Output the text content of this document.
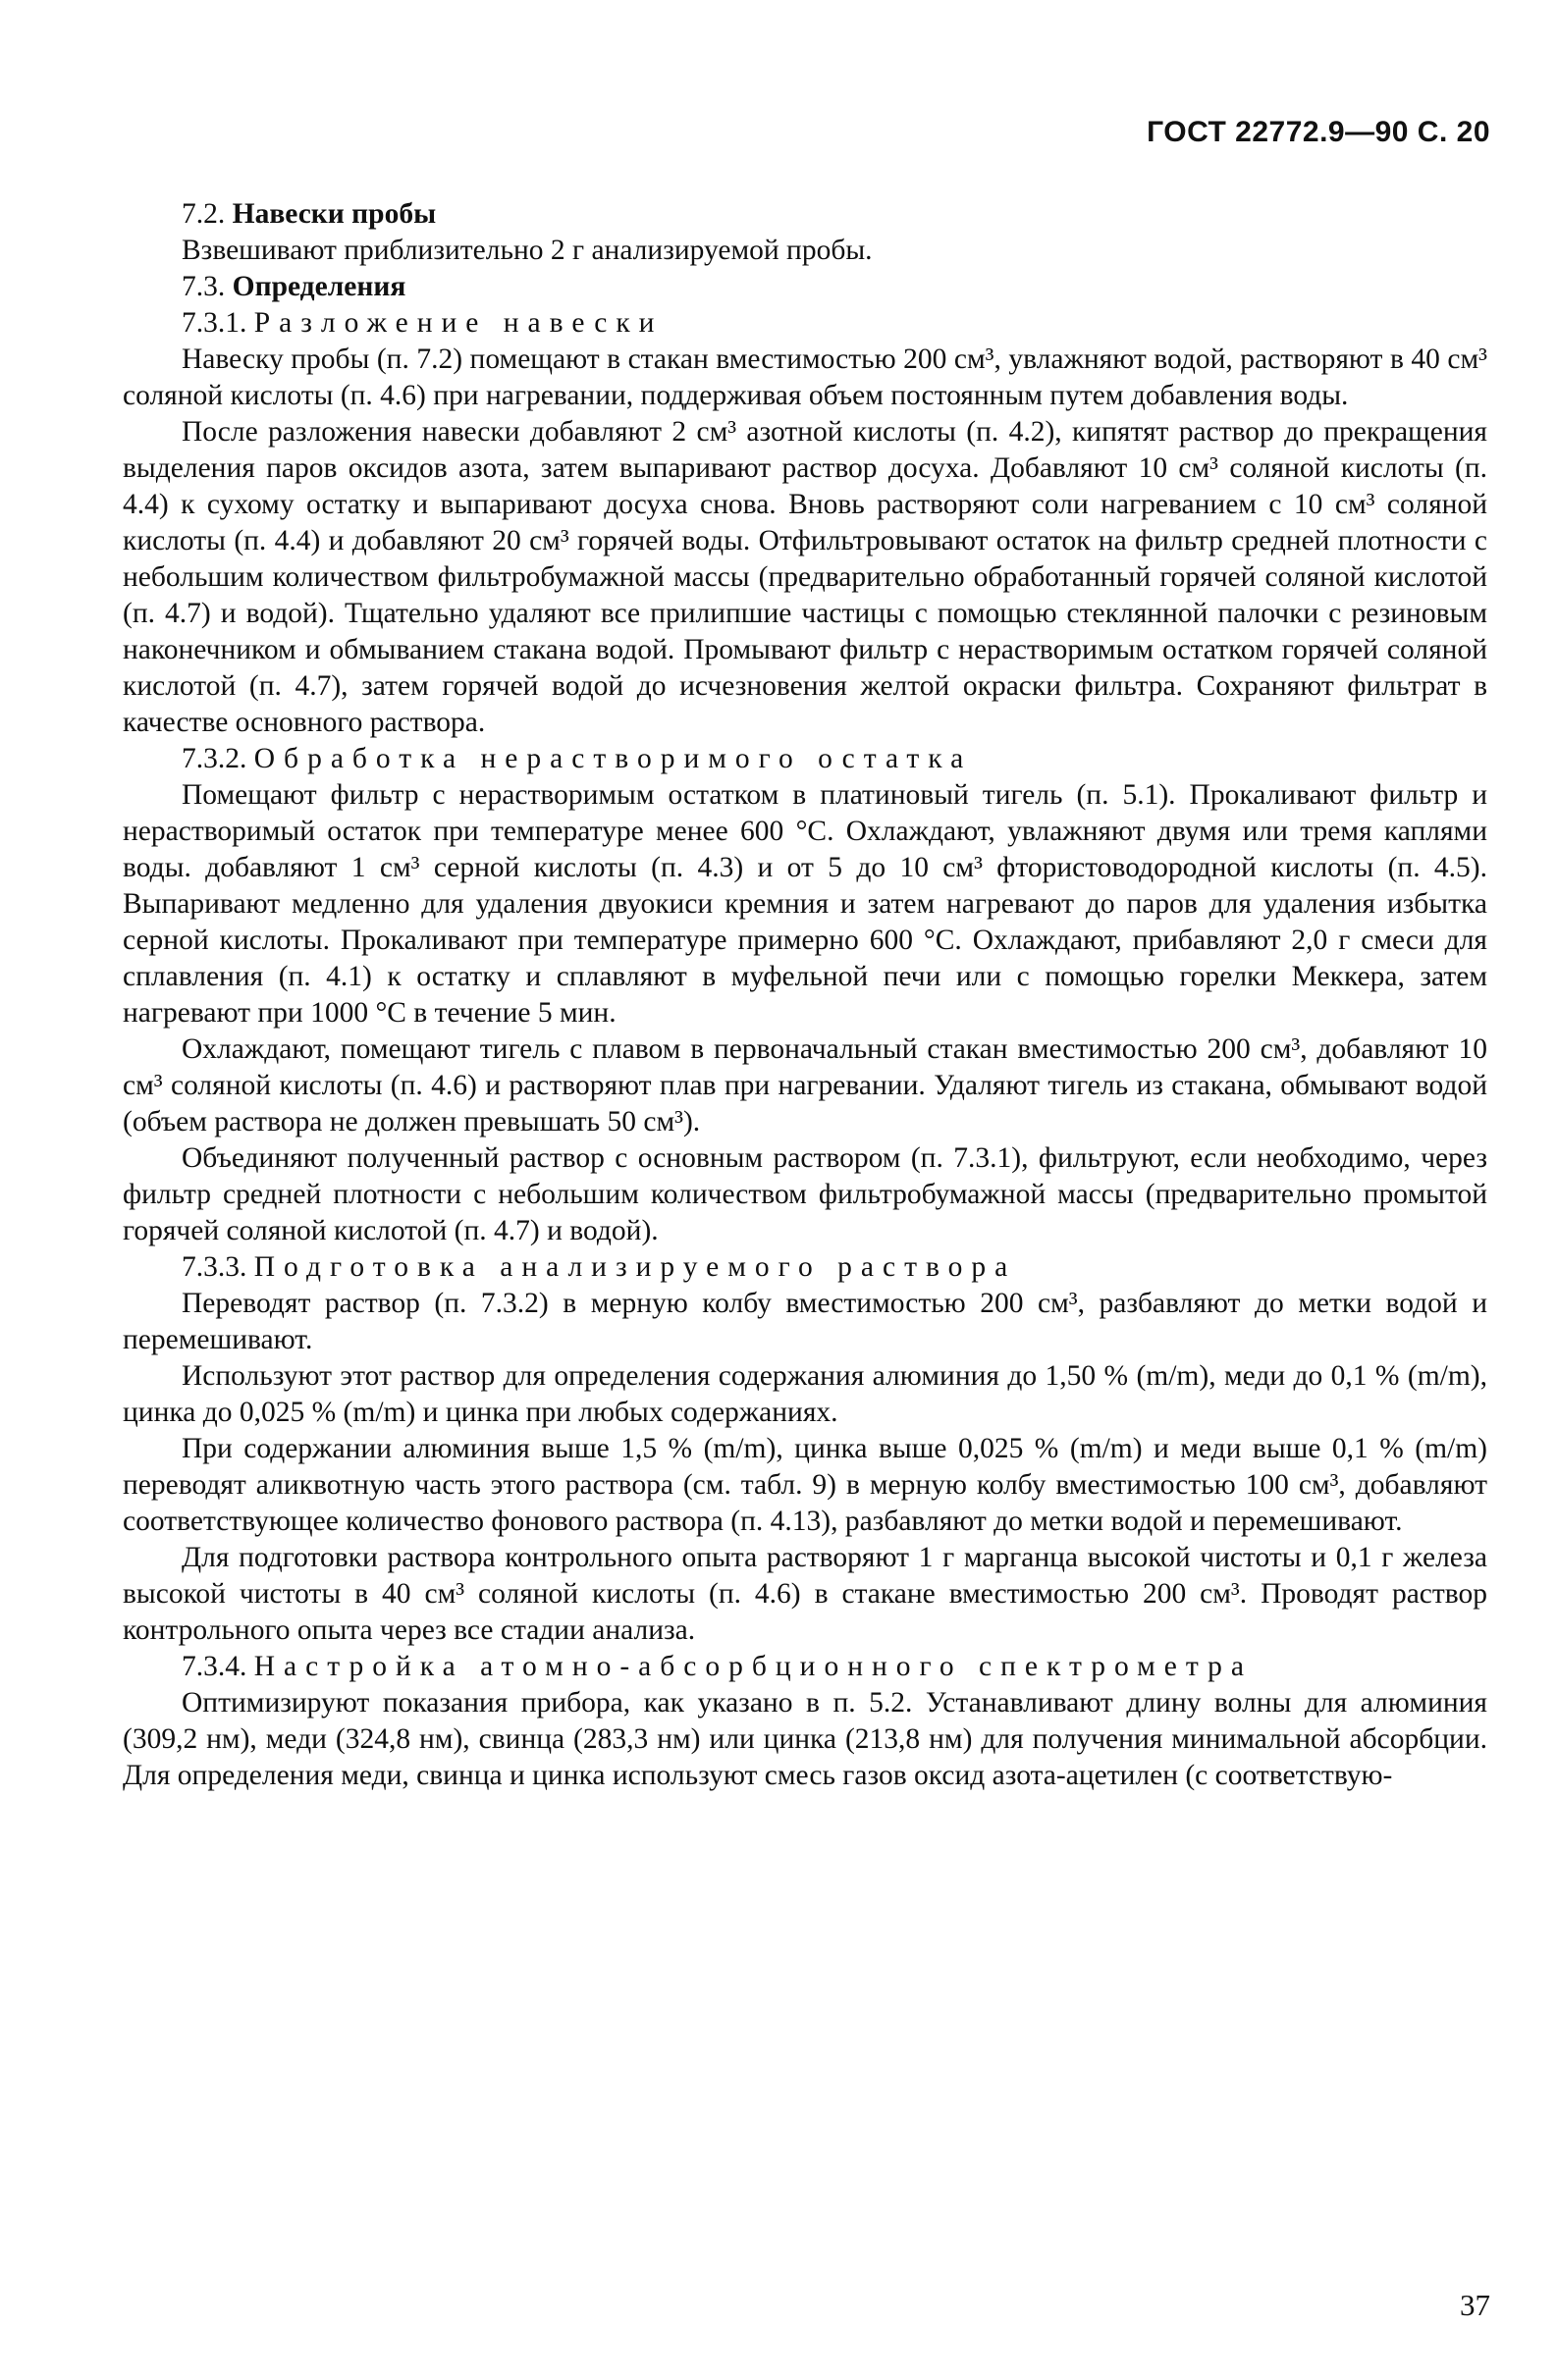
ГОСТ 22772.9—90 С. 20
7.2. Навески пробы

Взвешивают приблизительно 2 г анализируемой пробы.

7.3. Определения
7.3.1. Разложение навески

Навеску пробы (п. 7.2) помещают в стакан вместимостью 200 см³, увлажняют водой, растворяют в 40 см³ соляной кислоты (п. 4.6) при нагревании, поддерживая объем постоянным путем добавления воды.

После разложения навески добавляют 2 см³ азотной кислоты (п. 4.2), кипятят раствор до прекращения выделения паров оксидов азота, затем выпаривают раствор досуха. Добавляют 10 см³ соляной кислоты (п. 4.4) к сухому остатку и выпаривают досуха снова. Вновь растворяют соли нагреванием с 10 см³ соляной кислоты (п. 4.4) и добавляют 20 см³ горячей воды. Отфильтровывают остаток на фильтр средней плотности с небольшим количеством фильтробумажной массы (предварительно обработанный горячей соляной кислотой (п. 4.7) и водой). Тщательно удаляют все прилипшие частицы с помощью стеклянной палочки с резиновым наконечником и обмыванием стакана водой. Промывают фильтр с нерастворимым остатком горячей соляной кислотой (п. 4.7), затем горячей водой до исчезновения желтой окраски фильтра. Сохраняют фильтрат в качестве основного раствора.

7.3.2. Обработка нерастворимого остатка

Помещают фильтр с нерастворимым остатком в платиновый тигель (п. 5.1). Прокаливают фильтр и нерастворимый остаток при температуре менее 600 °С. Охлаждают, увлажняют двумя или тремя каплями воды. добавляют 1 см³ серной кислоты (п. 4.3) и от 5 до 10 см³ фтористоводородной кислоты (п. 4.5). Выпаривают медленно для удаления двуокиси кремния и затем нагревают до паров для удаления избытка серной кислоты. Прокаливают при температуре примерно 600 °С. Охлаждают, прибавляют 2,0 г смеси для сплавления (п. 4.1) к остатку и сплавляют в муфельной печи или с помощью горелки Меккера, затем нагревают при 1000 °С в течение 5 мин.

Охлаждают, помещают тигель с плавом в первоначальный стакан вместимостью 200 см³, добавляют 10 см³ соляной кислоты (п. 4.6) и растворяют плав при нагревании. Удаляют тигель из стакана, обмывают водой (объем раствора не должен превышать 50 см³).

Объединяют полученный раствор с основным раствором (п. 7.3.1), фильтруют, если необходимо, через фильтр средней плотности с небольшим количеством фильтробумажной массы (предварительно промытой горячей соляной кислотой (п. 4.7) и водой).

7.3.3. Подготовка анализируемого раствора

Переводят раствор (п. 7.3.2) в мерную колбу вместимостью 200 см³, разбавляют до метки водой и перемешивают.

Используют этот раствор для определения содержания алюминия до 1,50 % (m/m), меди до 0,1 % (m/m), цинка до 0,025 % (m/m) и цинка при любых содержаниях.

При содержании алюминия выше 1,5 % (m/m), цинка выше 0,025 % (m/m) и меди выше 0,1 % (m/m) переводят аликвотную часть этого раствора (см. табл. 9) в мерную колбу вместимостью 100 см³, добавляют соответствующее количество фонового раствора (п. 4.13), разбавляют до метки водой и перемешивают.

Для подготовки раствора контрольного опыта растворяют 1 г марганца высокой чистоты и 0,1 г железа высокой чистоты в 40 см³ соляной кислоты (п. 4.6) в стакане вместимостью 200 см³. Проводят раствор контрольного опыта через все стадии анализа.

7.3.4. Настройка атомно-абсорбционного спектрометра

Оптимизируют показания прибора, как указано в п. 5.2. Устанавливают длину волны для алюминия (309,2 нм), меди (324,8 нм), свинца (283,3 нм) или цинка (213,8 нм) для получения минимальной абсорбции. Для определения меди, свинца и цинка используют смесь газов оксид азота-ацетилен (с соответствую-

37
